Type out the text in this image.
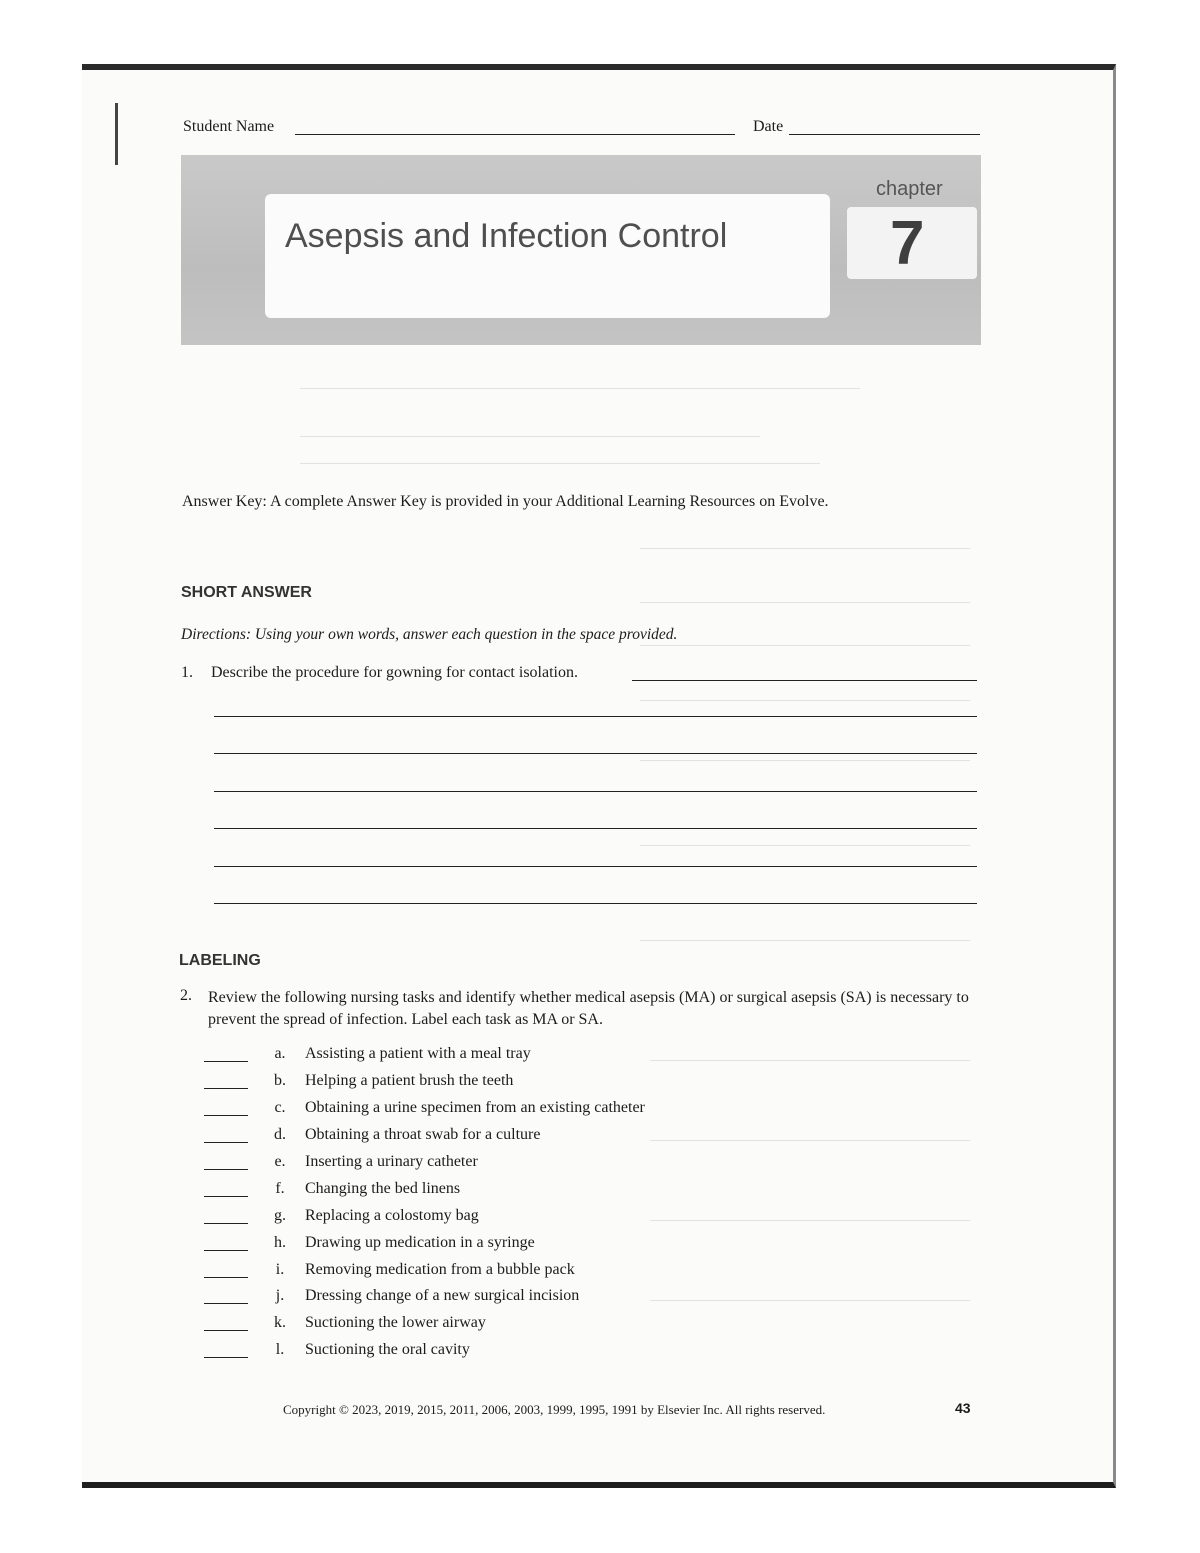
Student Name	Date
Asepsis and Infection Control
chapter
7
Answer Key: A complete Answer Key is provided in your Additional Learning Resources on Evolve.
SHORT ANSWER
Directions: Using your own words, answer each question in the space provided.
1. Describe the procedure for gowning for contact isolation.
LABELING
2. Review the following nursing tasks and identify whether medical asepsis (MA) or surgical asepsis (SA) is necessary to prevent the spread of infection. Label each task as MA or SA.
a. Assisting a patient with a meal tray
b. Helping a patient brush the teeth
c. Obtaining a urine specimen from an existing catheter
d. Obtaining a throat swab for a culture
e. Inserting a urinary catheter
f.	Changing the bed linens
g. Replacing a colostomy bag
h. Drawing up medication in a syringe
i.	Removing medication from a bubble pack
j.	Dressing change of a new surgical incision
k. Suctioning the lower airway
l.	Suctioning the oral cavity
Copyright © 2023, 2019, 2015, 2011, 2006, 2003, 1999, 1995, 1991 by Elsevier Inc. All rights reserved.	43
